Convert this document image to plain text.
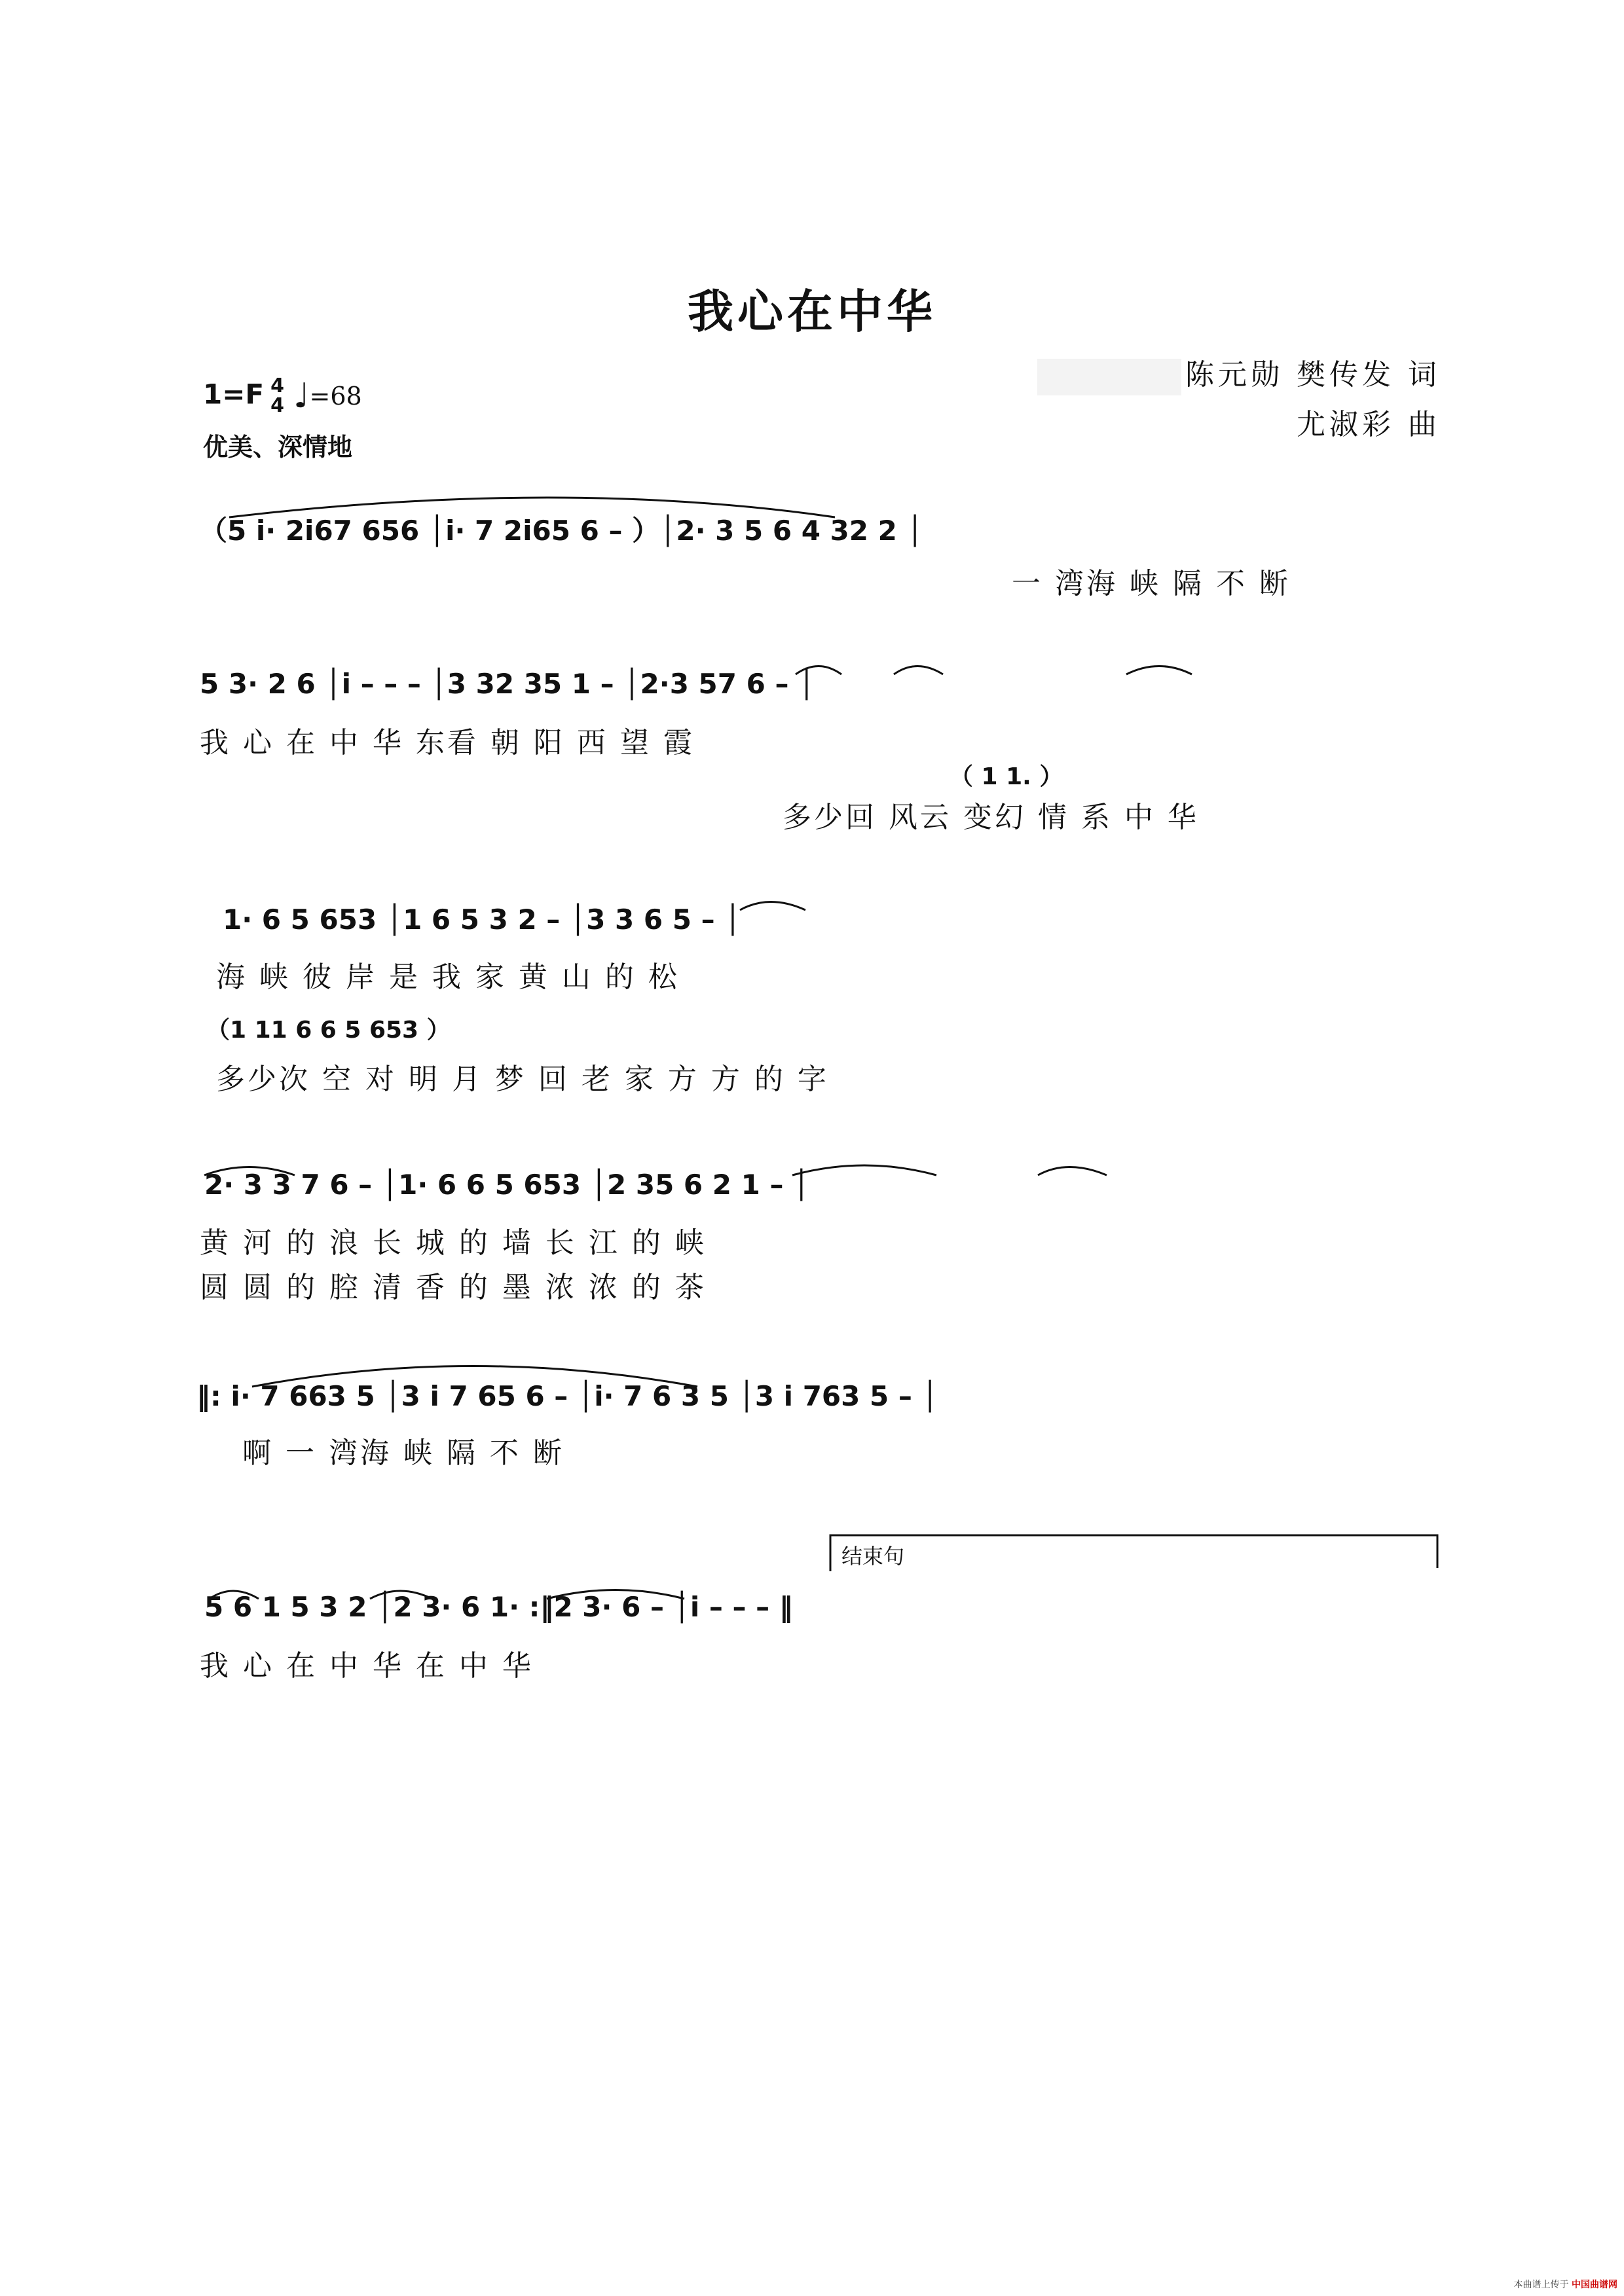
我心在中华
陈元勋 樊传发 词
尤淑彩 曲
1=F 4
4 ♩=68
优美、深情地
（5 i· 2i67 656 │i· 7 2i65 6 – ）│2· 3 5 6 4 32 2 │
一 湾海 峡 隔 不 断
5 3· 2 6 │i – – – │3 32 35 1 – │2·3 57 6 – │
我 心 在 中 华 东看 朝 阳 西 望 霞
（ 1 1. ）
多少回 风云 变幻 情 系 中 华
1· 6 5 653 │1 6 5 3 2 – │3 3 6 5 – │
海 峡 彼 岸 是 我 家 黄 山 的 松
（1 11 6 6 5 653 ）
多少次 空 对 明 月 梦 回 老 家 方 方 的 字
2· 3 3 7 6 – │1· 6 6 5 653 │2 35 6 2 1 – │
黄 河 的 浪 长 城 的 墙 长 江 的 峡
圆 圆 的 腔 清 香 的 墨 浓 浓 的 茶
‖: i· 7 663 5 │3 i 7 65 6 – │i· 7 6 3 5 │3 i 763 5 – │
啊 一 湾海 峡 隔 不 断
结束句
5 6 1 5 3 2 │2 3· 6 1· :‖2 3· 6 – │i – – – ‖
我 心 在 中 华 在 中 华
本曲谱上传于 中国曲谱网
